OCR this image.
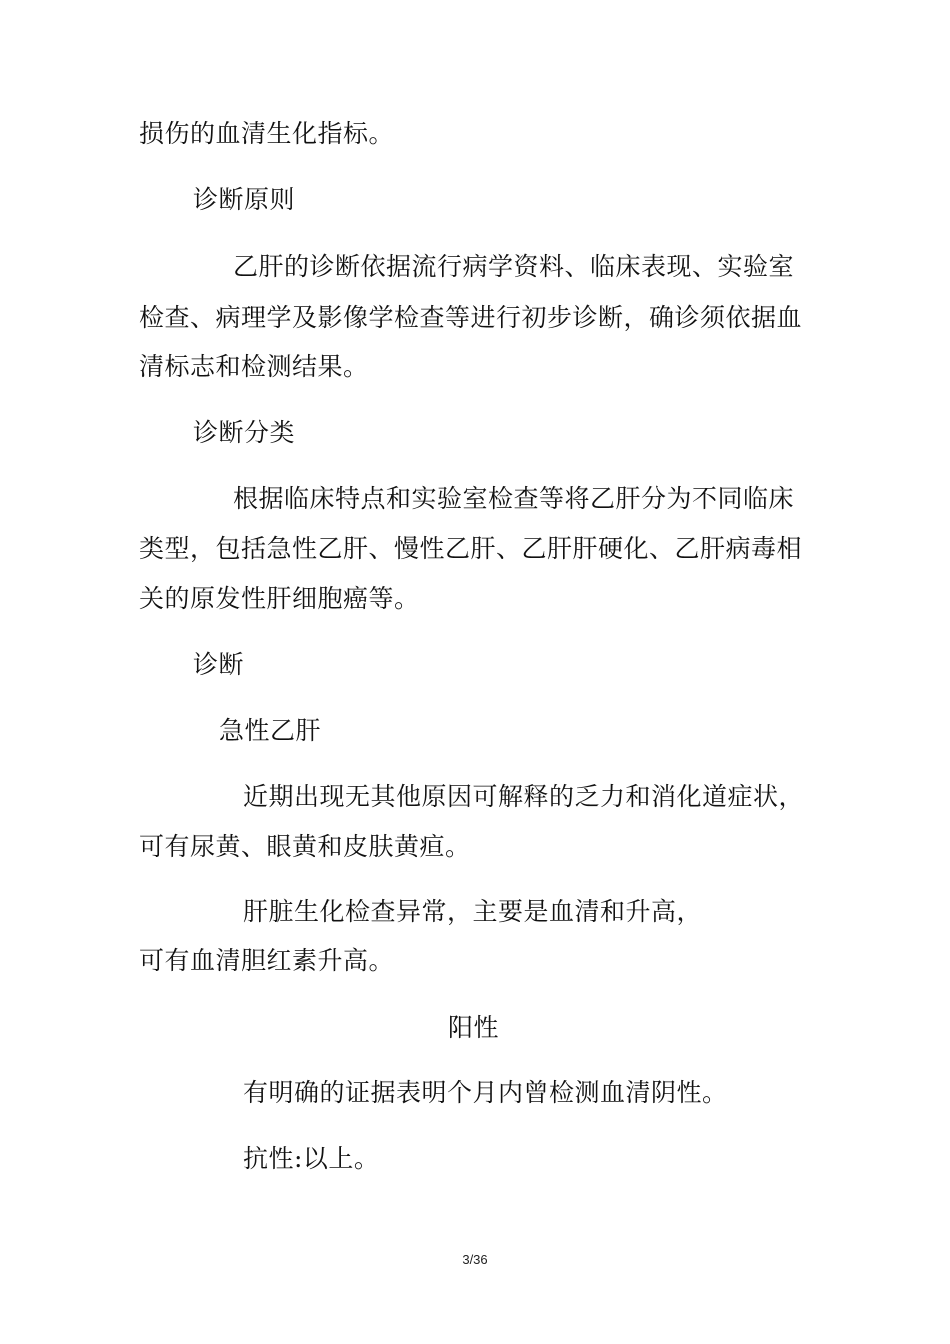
损伤的血清生化指标。
诊断原则
乙肝的诊断依据流行病学资料、临床表现、实验室
检查、病理学及影像学检查等进行初步诊断，确诊须依据血
清标志和检测结果。
诊断分类
根据临床特点和实验室检查等将乙肝分为不同临床
类型，包括急性乙肝、慢性乙肝、乙肝肝硬化、乙肝病毒相
关的原发性肝细胞癌等。
诊断
急性乙肝
近期出现无其他原因可解释的乏力和消化道症状，
可有尿黄、眼黄和皮肤黄疸。
肝脏生化检查异常，主要是血清和升高，
可有血清胆红素升高。
阳性
有明确的证据表明个月内曾检测血清阴性。
抗性:以上。
3/36
